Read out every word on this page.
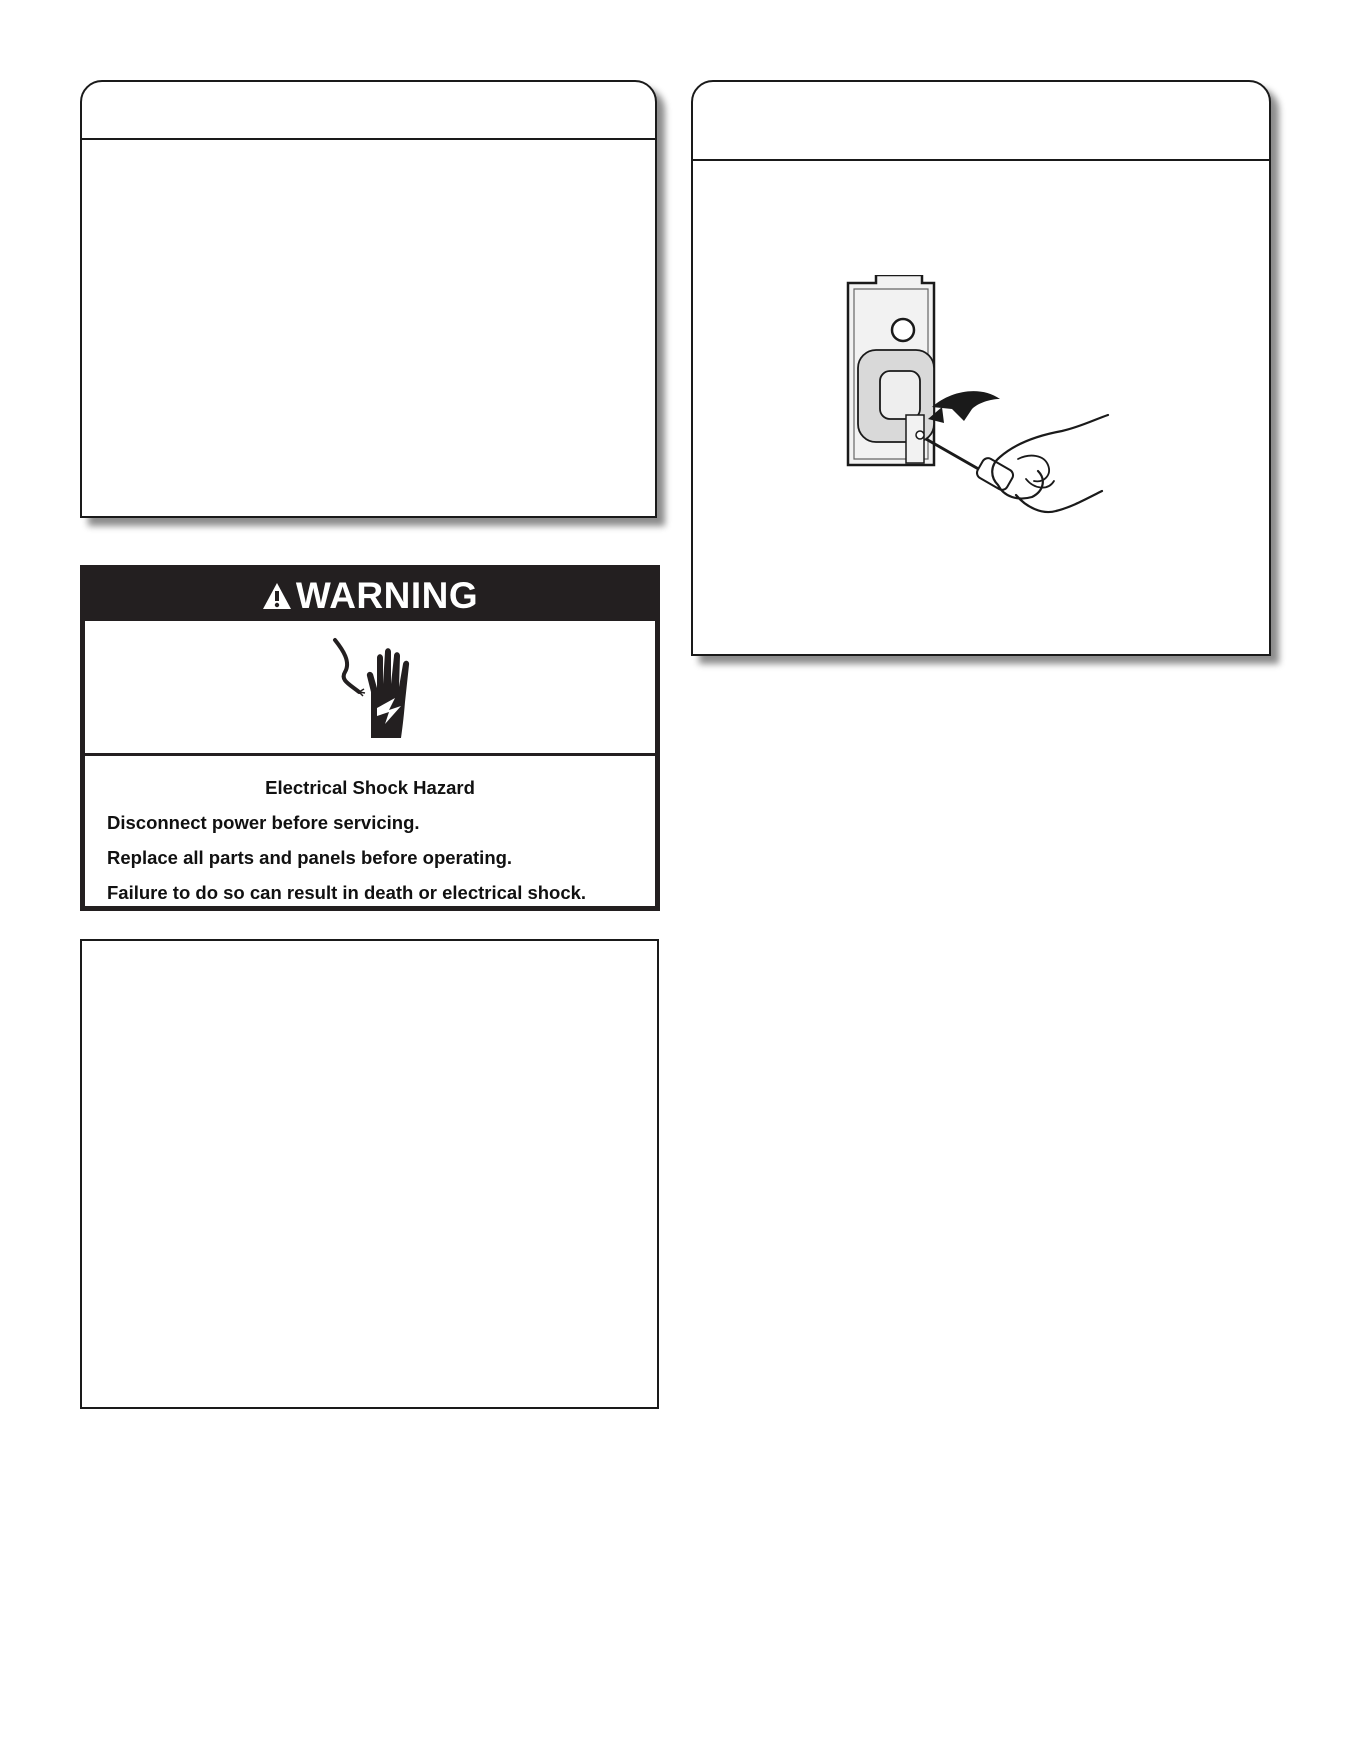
WARNING
Electrical Shock Hazard
Disconnect power before servicing.
Replace all parts and panels before operating.
Failure to do so can result in death or electrical shock.
